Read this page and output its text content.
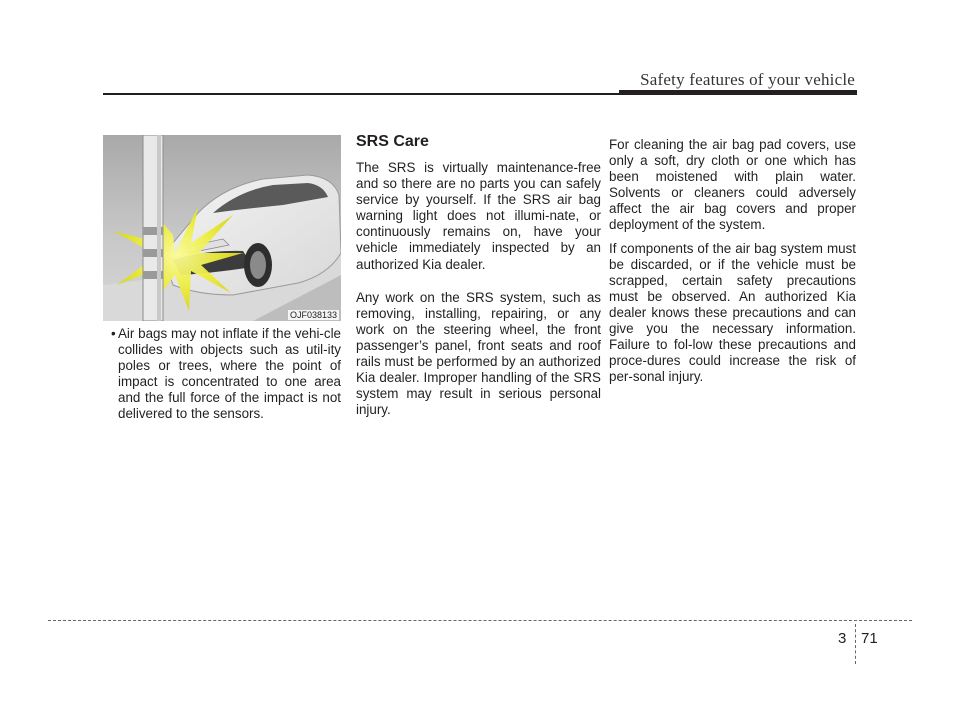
Safety features of your vehicle
OJF038133
• Air bags may not inflate if the vehi-cle collides with objects such as util-ity poles or trees, where the point of impact is concentrated to one area and the full force of the impact is not delivered to the sensors.
SRS Care

The SRS is virtually maintenance-free and so there are no parts you can safely service by yourself. If the SRS air bag warning light does not illumi-nate, or continuously remains on, have your vehicle immediately inspected by an authorized Kia dealer.

Any work on the SRS system, such as removing, installing, repairing, or any work on the steering wheel, the front passenger’s panel, front seats and roof rails must be performed by an authorized Kia dealer. Improper handling of the SRS system may result in serious personal injury.

For cleaning the air bag pad covers, use only a soft, dry cloth or one which has been moistened with plain water. Solvents or cleaners could adversely affect the air bag covers and proper deployment of the system.

If components of the air bag system must be discarded, or if the vehicle must be scrapped, certain safety precautions must be observed. An authorized Kia dealer knows these precautions and can give you the necessary information. Failure to fol-low these precautions and proce-dures could increase the risk of per-sonal injury.

3 71
